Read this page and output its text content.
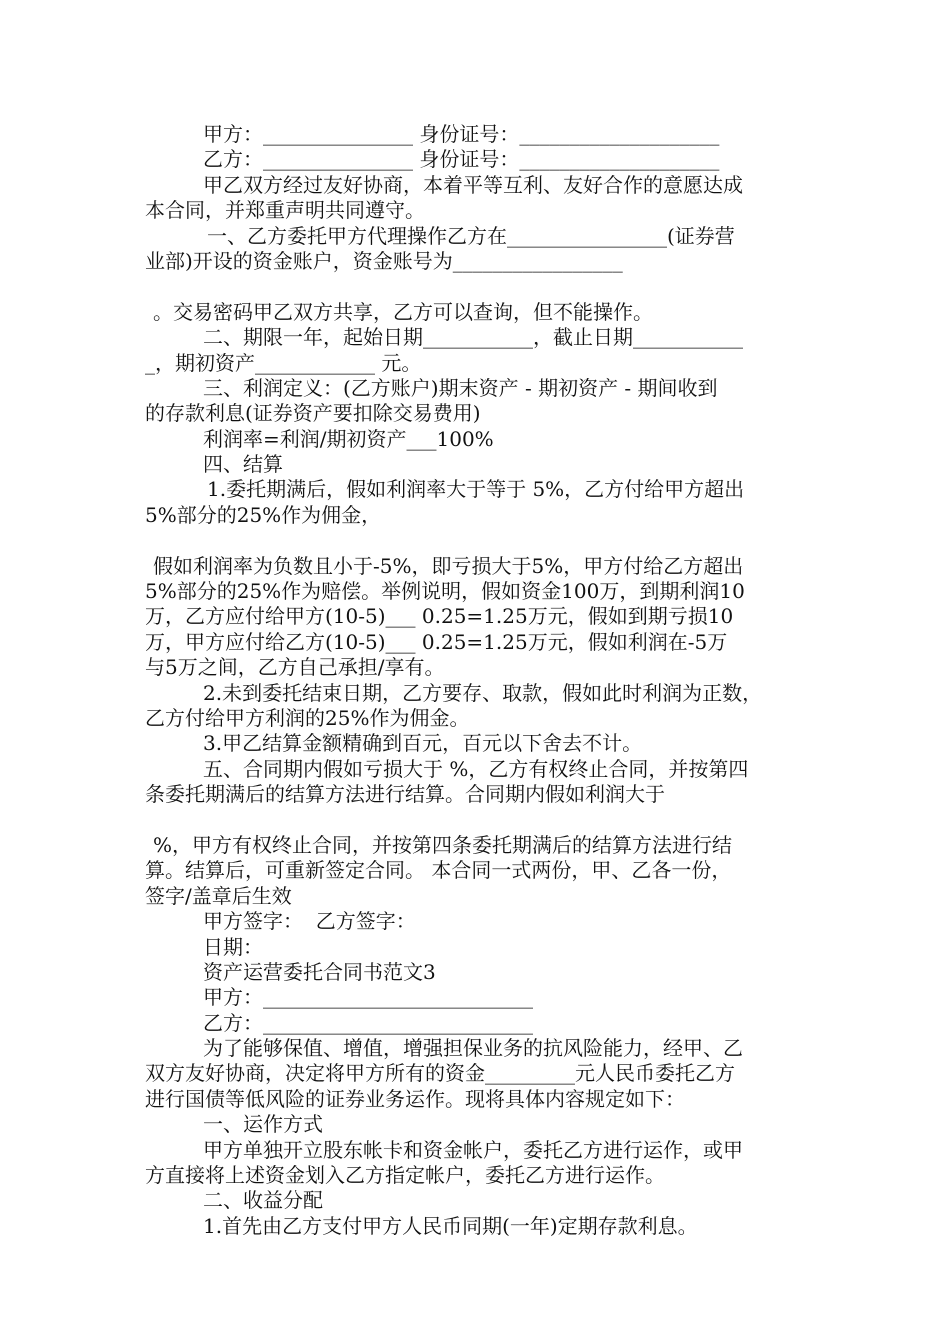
甲方：_______________ 身份证号：____________________
乙方：_______________ 身份证号：____________________
甲乙双方经过友好协商，本着平等互利、友好合作的意愿达成
本合同，并郑重声明共同遵守。
一、乙方委托甲方代理操作乙方在________________(证券营
业部)开设的资金账户，资金账号为_________________
。交易密码甲乙双方共享，乙方可以查询，但不能操作。
二、期限一年，起始日期___________，截止日期___________
_，期初资产____________ 元。
三、利润定义：(乙方账户)期末资产 - 期初资产 - 期间收到
的存款利息(证券资产要扣除交易费用)
利润率=利润/期初资产___100%
四、结算
1.委托期满后，假如利润率大于等于 5%，乙方付给甲方超出
5%部分的25%作为佣金，
假如利润率为负数且小于-5%，即亏损大于5%，甲方付给乙方超出
5%部分的25%作为赔偿。举例说明，假如资金100万，到期利润10
万，乙方应付给甲方(10-5)___ 0.25=1.25万元，假如到期亏损10
万，甲方应付给乙方(10-5)___ 0.25=1.25万元，假如利润在-5万
与5万之间，乙方自己承担/享有。
2.未到委托结束日期，乙方要存、取款，假如此时利润为正数，
乙方付给甲方利润的25%作为佣金。
3.甲乙结算金额精确到百元，百元以下舍去不计。
五、合同期内假如亏损大于 %，乙方有权终止合同，并按第四
条委托期满后的结算方法进行结算。合同期内假如利润大于
%，甲方有权终止合同，并按第四条委托期满后的结算方法进行结
算。结算后，可重新签定合同。 本合同一式两份，甲、乙各一份，
签字/盖章后生效
甲方签字：  乙方签字：
日期：
资产运营委托合同书范文3
甲方：___________________________
乙方：___________________________
为了能够保值、增值，增强担保业务的抗风险能力，经甲、乙
双方友好协商，决定将甲方所有的资金_________元人民币委托乙方
进行国债等低风险的证券业务运作。现将具体内容规定如下：
一、运作方式
甲方单独开立股东帐卡和资金帐户，委托乙方进行运作，或甲
方直接将上述资金划入乙方指定帐户，委托乙方进行运作。
二、收益分配
1.首先由乙方支付甲方人民币同期(一年)定期存款利息。
